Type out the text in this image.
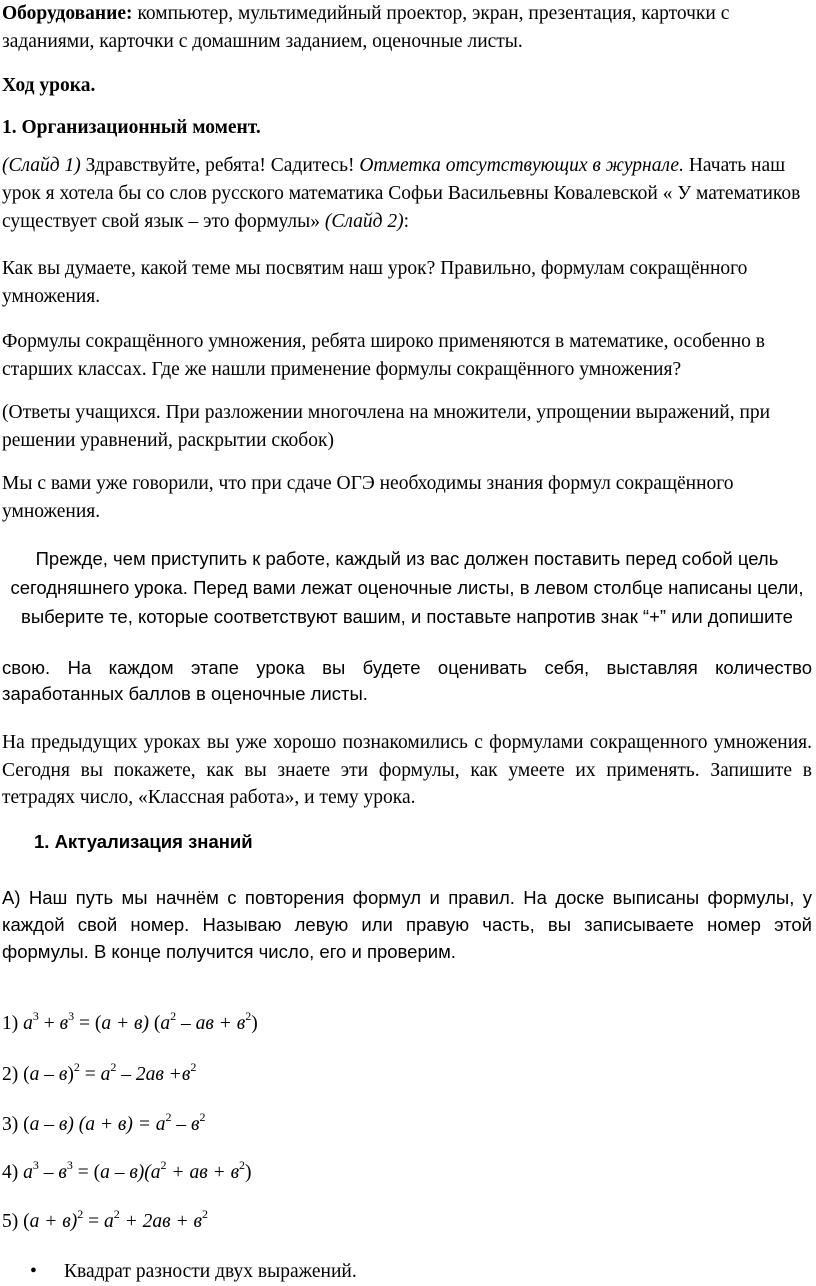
Оборудование: компьютер, мультимедийный проектор, экран, презентация, карточки с заданиями, карточки с домашним заданием, оценочные листы.

Ход урока.

1. Организационный момент.

(Слайд 1) Здравствуйте, ребята! Садитесь! Отметка отсутствующих в журнале. Начать наш урок я хотела бы со слов русского математика Софьи Васильевны Ковалевской « У математиков существует свой язык – это формулы» (Слайд 2):

Как вы думаете, какой теме мы посвятим наш урок? Правильно, формулам сокращённого умножения.

Формулы сокращённого умножения, ребята широко применяются в математике, особенно в старших классах. Где же нашли применение формулы сокращённого умножения?

(Ответы учащихся. При разложении многочлена на множители, упрощении выражений, при решении уравнений, раскрытии скобок)

Мы с вами уже говорили, что при сдаче ОГЭ необходимы знания формул сокращённого умножения.

Прежде, чем приступить к работе, каждый из вас должен поставить перед собой цель сегодняшнего урока. Перед вами лежат оценочные листы, в левом столбце написаны цели, выберите те, которые соответствуют вашим, и поставьте напротив знак “+” или допишите

свою. На каждом этапе урока вы будете оценивать себя, выставляя количество заработанных баллов в оценочные листы.

На предыдущих уроках вы уже хорошо познакомились с формулами сокращенного умножения. Сегодня вы покажете, как вы знаете эти формулы, как умеете их применять. Запишите в тетрадях число, «Классная работа», и тему урока.

1. Актуализация знаний

А) Наш путь мы начнём с повторения формул и правил. На доске выписаны формулы, у каждой свой номер. Называю левую или правую часть, вы записываете номер этой формулы. В конце получится число, его и проверим.

1) $а^3 + в^3 = (а + в)$ ($а^2$ – ав + $в^2$)

2) $(а - в)^2 = а^2 - 2ав +в^2$

3) (а – в) $(а + в) = а^2 - в^2$

4) $а^3 - в^3 = (а - в)(а^2$ + ав + $в^2$)

5) $(а + в)^2 = а^2 + 2ав + в^2$

• Квадрат разности двух выражений.
